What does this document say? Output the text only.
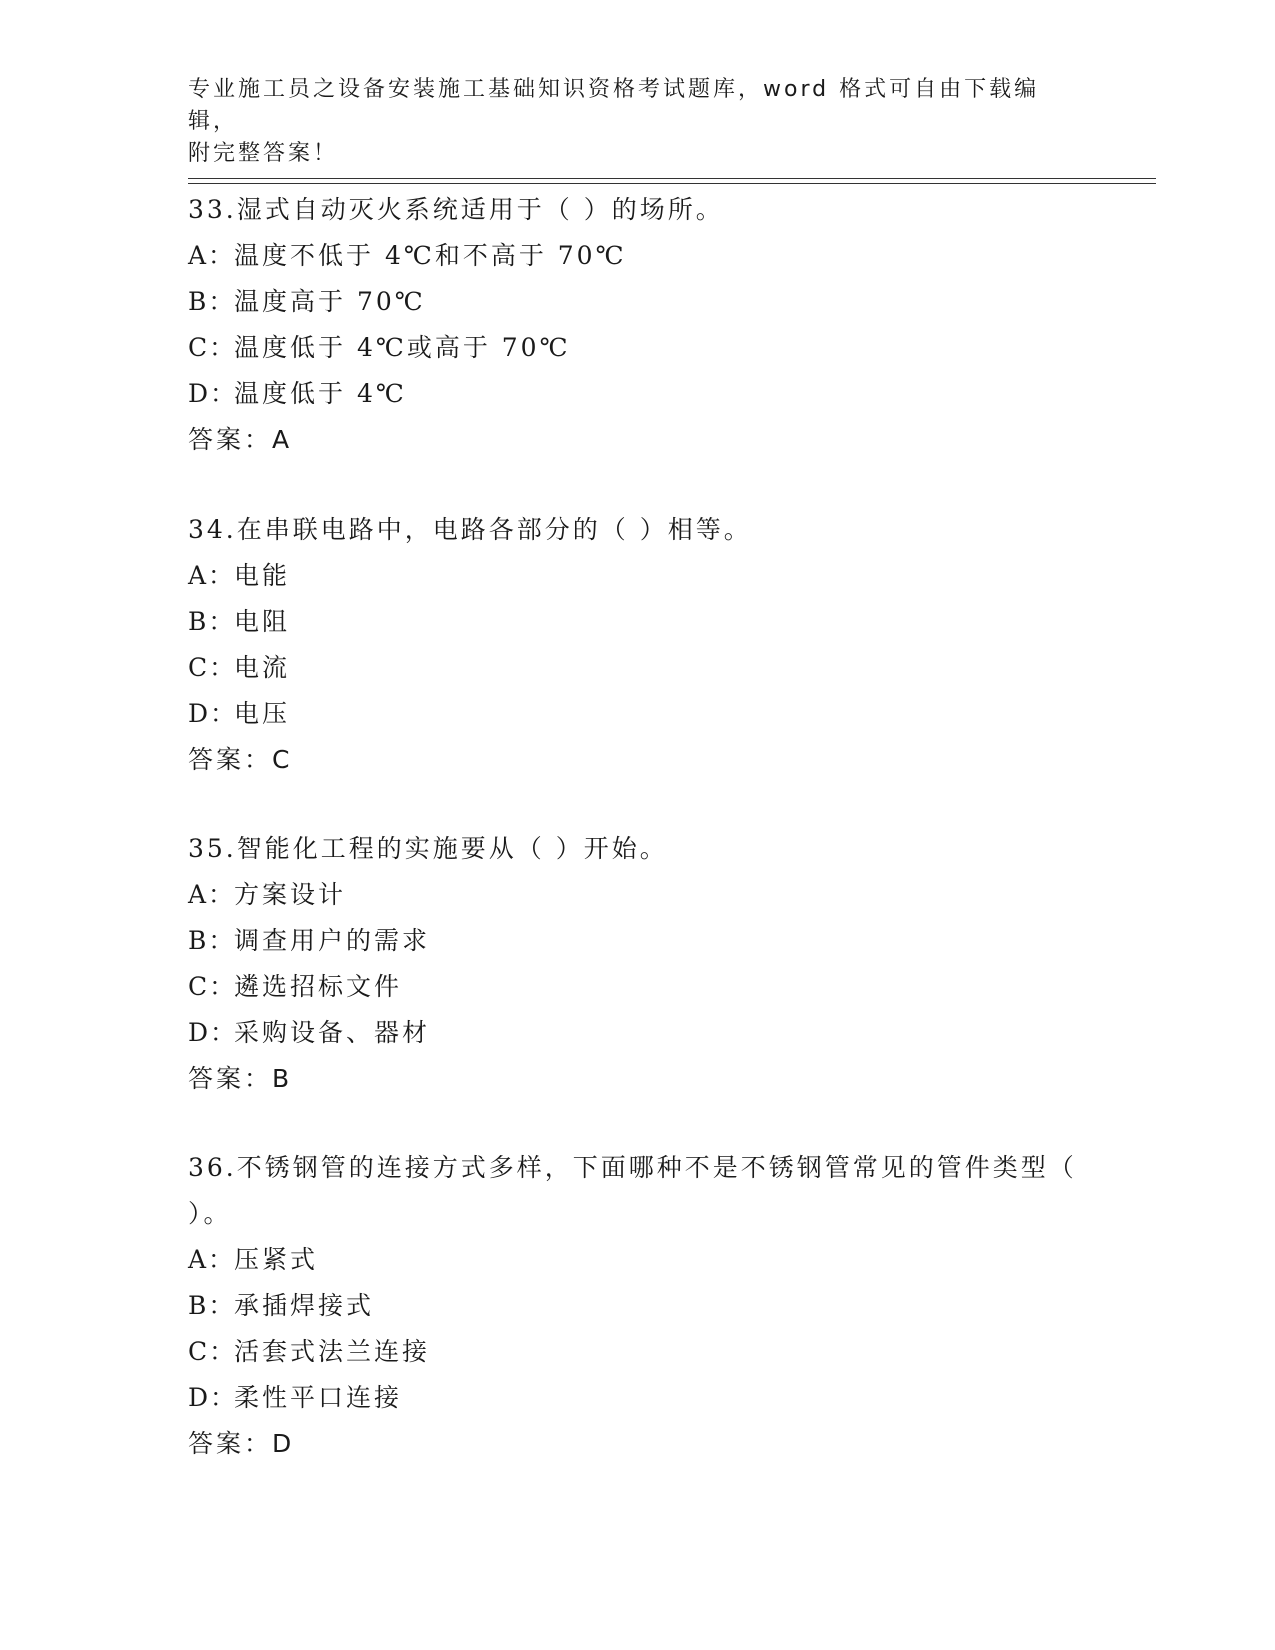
专业施工员之设备安装施工基础知识资格考试题库，word 格式可自由下载编辑，
附完整答案！
33.湿式自动灭火系统适用于（ ）的场所。
A：温度不低于 4℃和不高于 70℃
B：温度高于 70℃
C：温度低于 4℃或高于 70℃
D：温度低于 4℃
答案：A
34.在串联电路中，电路各部分的（ ）相等。
A：电能
B：电阻
C：电流
D：电压
答案：C
35.智能化工程的实施要从（ ）开始。
A：方案设计
B：调查用户的需求
C：遴选招标文件
D：采购设备、器材
答案：B
36.不锈钢管的连接方式多样，下面哪种不是不锈钢管常见的管件类型（ ）。
A：压紧式
B：承插焊接式
C：活套式法兰连接
D：柔性平口连接
答案：D
